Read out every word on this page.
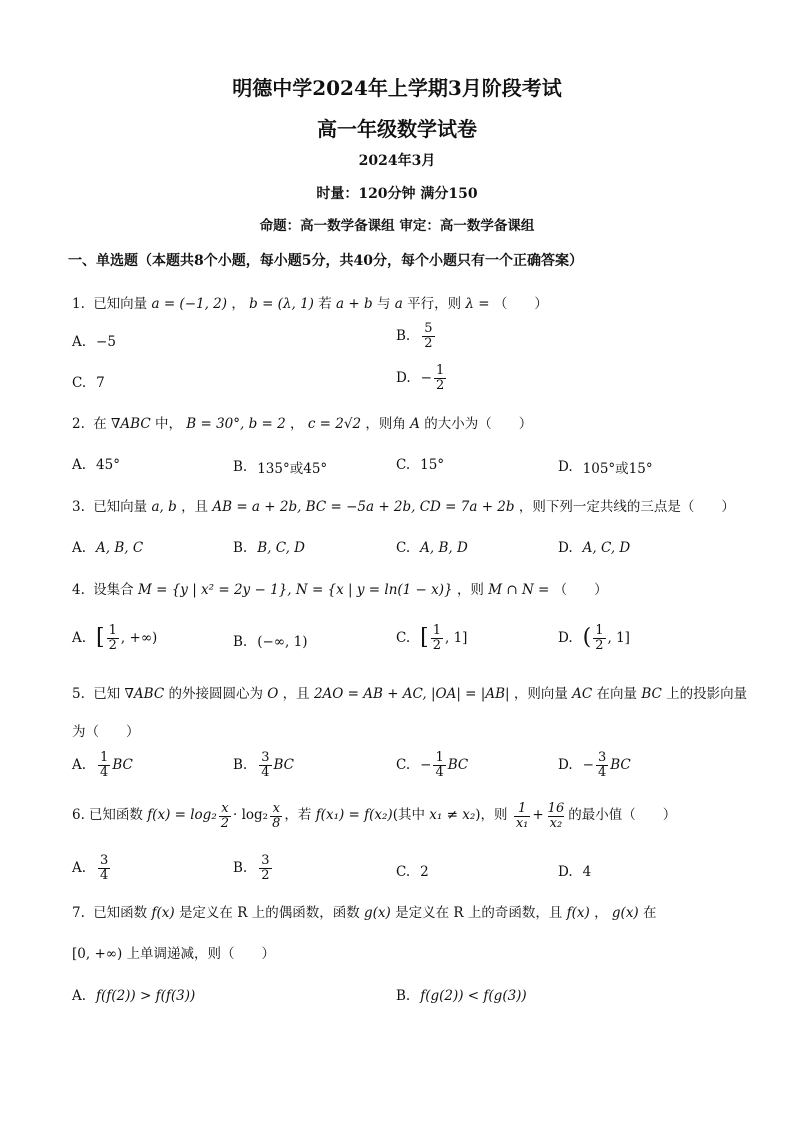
明德中学2024年上学期3月阶段考试
高一年级数学试卷
2024年3月
时量：120分钟 满分150
命题：高一数学备课组 审定：高一数学备课组
一、单选题（本题共8个小题，每小题5分，共40分，每个小题只有一个正确答案）
1. 已知向量 a = (−1, 2) ， b = (λ, 1) 若 a + b 与 a 平行，则 λ = （　　）
A. −5	B. $\frac{5}{2}$
C. 7	D. − $\frac{1}{2}$
2. 在 ∇ABC 中， B = 30°, b = 2 ， c = 2√2 ，则角 A 的大小为（　　）
A. 45°	B. 135°或45°	C. 15°	D. 105°或15°
3. 已知向量 a, b ，且 AB = a + 2b, BC = −5a + 2b, CD = 7a + 2b ，则下列一定共线的三点是（　　）
A. A, B, C	B. B, C, D	C. A, B, D	D. A, C, D
4. 设集合 M = {y | x² = 2y − 1}, N = {x | y = ln(1 − x)} ，则 M ∩ N = （　　）
A. [ $\frac{1}{2}$ , +∞)	B. (−∞, 1)	C. [ $\frac{1}{2}$ , 1]	D. ( $\frac{1}{2}$ , 1]
5. 已知 ∇ABC 的外接圆圆心为 O ，且 2AO = AB + AC, |OA| = |AB| ，则向量 AC 在向量 BC 上的投影向量
为（　　）
A. $\frac{1}{4}$ BC	B. $\frac{3}{4}$ BC	C. − $\frac{1}{4}$ BC	D. − $\frac{3}{4}$ BC
6. 已知函数
$f(x) = \log_2 \frac{x}{2} \cdot \log_2 \frac{x}{8}$ ，若
f(x₁) = f(x₂) (其中
x₁ ≠ x₂ )，则
$\frac{1}{\text{x₁}} + \frac{16}{\text{x₂}}$ 的最小值（　　）
A. $\frac{3}{4}$	B. $\frac{3}{2}$	C. 2	D. 4
7. 已知函数 f(x) 是定义在 R 上的偶函数，函数 g(x) 是定义在 R 上的奇函数，且 f(x) ， g(x) 在
[0, +∞) 上单调递减，则（　　）
A. f(f(2)) > f(f(3))	B. f(g(2)) < f(g(3))
